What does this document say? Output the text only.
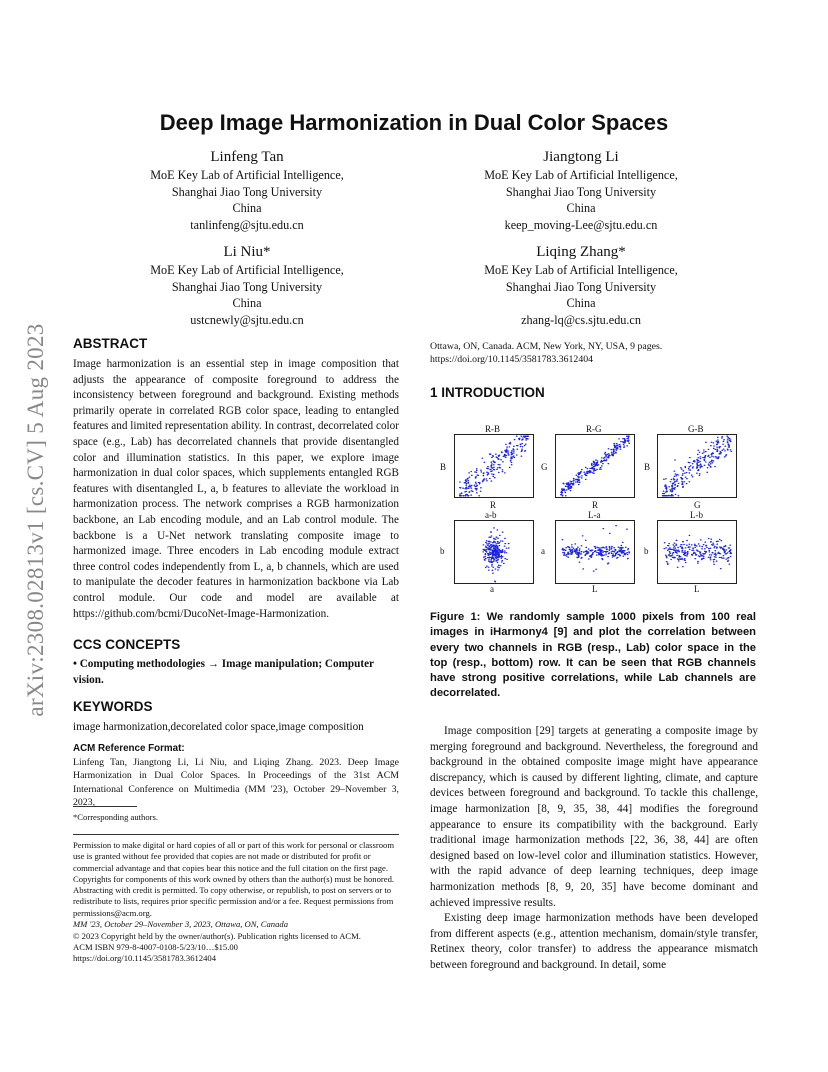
arXiv:2308.02813v1 [cs.CV] 5 Aug 2023
Deep Image Harmonization in Dual Color Spaces
Linfeng Tan
MoE Key Lab of Artificial Intelligence,
Shanghai Jiao Tong University
China
tanlinfeng@sjtu.edu.cn
Jiangtong Li
MoE Key Lab of Artificial Intelligence,
Shanghai Jiao Tong University
China
keep_moving-Lee@sjtu.edu.cn
Li Niu*
MoE Key Lab of Artificial Intelligence,
Shanghai Jiao Tong University
China
ustcnewly@sjtu.edu.cn
Liqing Zhang*
MoE Key Lab of Artificial Intelligence,
Shanghai Jiao Tong University
China
zhang-lq@cs.sjtu.edu.cn
ABSTRACT
Image harmonization is an essential step in image composition that adjusts the appearance of composite foreground to address the inconsistency between foreground and background. Existing methods primarily operate in correlated RGB color space, leading to entangled features and limited representation ability. In contrast, decorrelated color space (e.g., Lab) has decorrelated channels that provide disentangled color and illumination statistics. In this paper, we explore image harmonization in dual color spaces, which supplements entangled RGB features with disentangled L, a, b features to alleviate the workload in harmonization process. The network comprises a RGB harmonization backbone, an Lab encoding module, and an Lab control module. The backbone is a U-Net network translating composite image to harmonized image. Three encoders in Lab encoding module extract three control codes independently from L, a, b channels, which are used to manipulate the decoder features in harmonization backbone via Lab control module. Our code and model are available at https://github.com/bcmi/DucoNet-Image-Harmonization.
CCS CONCEPTS
• Computing methodologies → Image manipulation; Computer vision.
KEYWORDS
image harmonization,decorelated color space,image composition
ACM Reference Format:
Linfeng Tan, Jiangtong Li, Li Niu, and Liqing Zhang. 2023. Deep Image Harmonization in Dual Color Spaces. In Proceedings of the 31st ACM International Conference on Multimedia (MM '23), October 29–November 3, 2023,
*Corresponding authors.
Permission to make digital or hard copies of all or part of this work for personal or classroom use is granted without fee provided that copies are not made or distributed for profit or commercial advantage and that copies bear this notice and the full citation on the first page. Copyrights for components of this work owned by others than the author(s) must be honored. Abstracting with credit is permitted. To copy otherwise, or republish, to post on servers or to redistribute to lists, requires prior specific permission and/or a fee. Request permissions from permissions@acm.org.
MM '23, October 29–November 3, 2023, Ottawa, ON, Canada
© 2023 Copyright held by the owner/author(s). Publication rights licensed to ACM.
ACM ISBN 979-8-4007-0108-5/23/10…$15.00
https://doi.org/10.1145/3581783.3612404
Ottawa, ON, Canada. ACM, New York, NY, USA, 9 pages. https://doi.org/10.1145/3581783.3612404
1 INTRODUCTION
R-B	R-G	G-B
B	G	B
R	R	G
a-b	L-a	L-b
b	a	b
a	L	L
Figure 1: We randomly sample 1000 pixels from 100 real images in iHarmony4 [9] and plot the correlation between every two channels in RGB (resp., Lab) color space in the top (resp., bottom) row. It can be seen that RGB channels have strong positive correlations, while Lab channels are decorrelated.
Image composition [29] targets at generating a composite image by merging foreground and background. Nevertheless, the foreground and background in the obtained composite image might have appearance discrepancy, which is caused by different lighting, climate, and capture devices between foreground and background. To tackle this challenge, image harmonization [8, 9, 35, 38, 44] modifies the foreground appearance to ensure its compatibility with the background. Early traditional image harmonization methods [22, 36, 38, 44] are often designed based on low-level color and illumination statistics. However, with the rapid advance of deep learning techniques, deep image harmonization methods [8, 9, 20, 35] have become dominant and achieved impressive results.
Existing deep image harmonization methods have been developed from different aspects (e.g., attention mechanism, domain/style transfer, Retinex theory, color transfer) to address the appearance mismatch between foreground and background. In detail, some
